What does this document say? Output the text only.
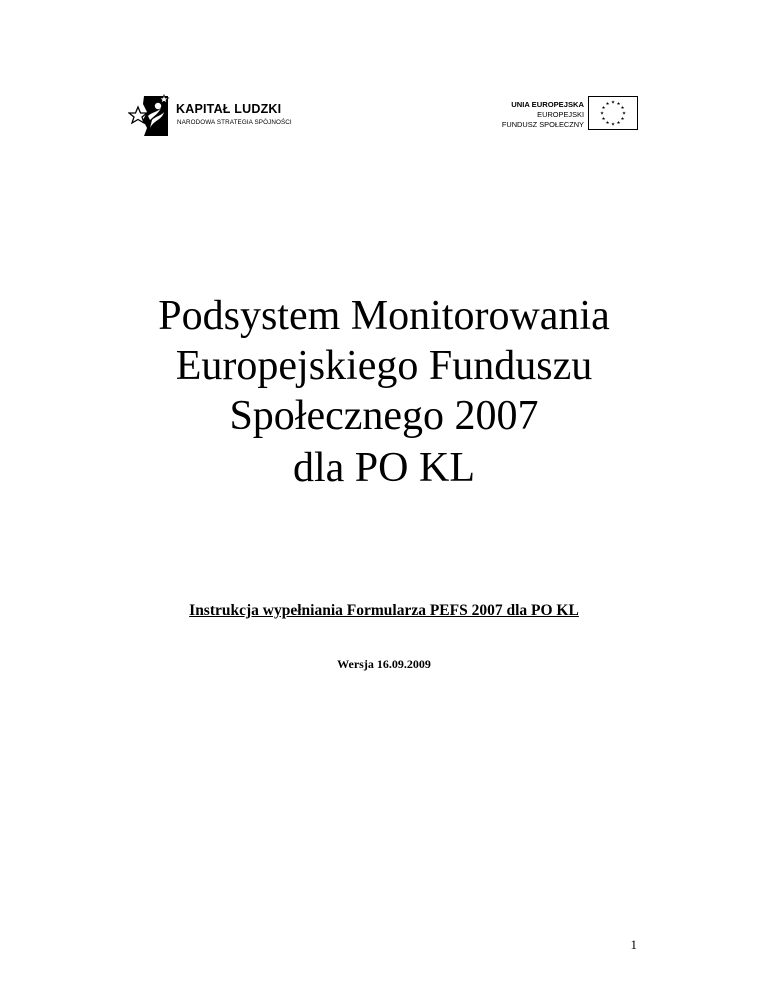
KAPITAŁ LUDZKI
NARODOWA STRATEGIA SPÓJNOŚCI
UNIA EUROPEJSKA
EUROPEJSKI
FUNDUSZ SPOŁECZNY
★ ★
★
★
★
★
★
★
★
★
★
★
Podsystem Monitorowania
Europejskiego Funduszu
Społecznego 2007
dla PO KL
Instrukcja wypełniania Formularza PEFS 2007 dla PO KL
Wersja 16.09.2009
1
